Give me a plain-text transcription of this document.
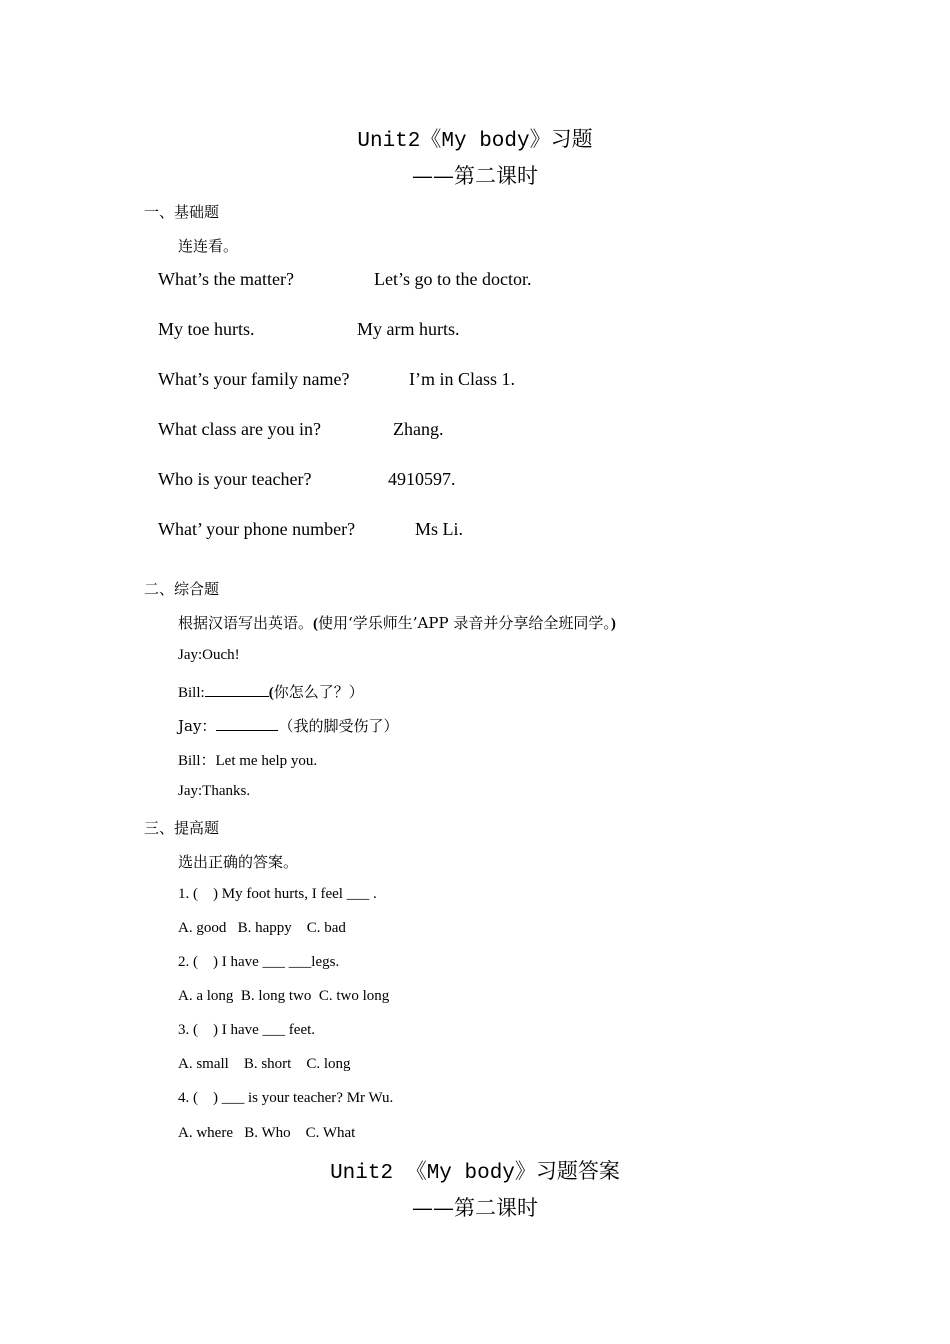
Unit2《My body》习题
——第二课时
一、基础题
连连看。
What’s the matter?	Let’s go to the doctor.
My toe hurts.	My arm hurts.
What’s your family name?	I’m in Class 1.
What class are you in?	Zhang.
Who is your teacher?	4910597.
What’ your phone number?	Ms Li.
二、综合题
根据汉语写出英语。(使用‘学乐师生’APP 录音并分享给全班同学。)
Jay:Ouch!
Bill:	(你怎么了？）
Jay：	（我的脚受伤了）
Bill：Let me help you.
Jay:Thanks.
三、提高题
选出正确的答案。
1. (    ) My foot hurts, I feel ___ .
A. good   B. happy    C. bad
2. (    ) I have ___ ___legs.
A. a long  B. long two  C. two long
3. (    ) I have ___ feet.
A. small    B. short    C. long
4. (    ) ___ is your teacher? Mr Wu.
A. where   B. Who    C. What
Unit2 《My body》习题答案
——第二课时
